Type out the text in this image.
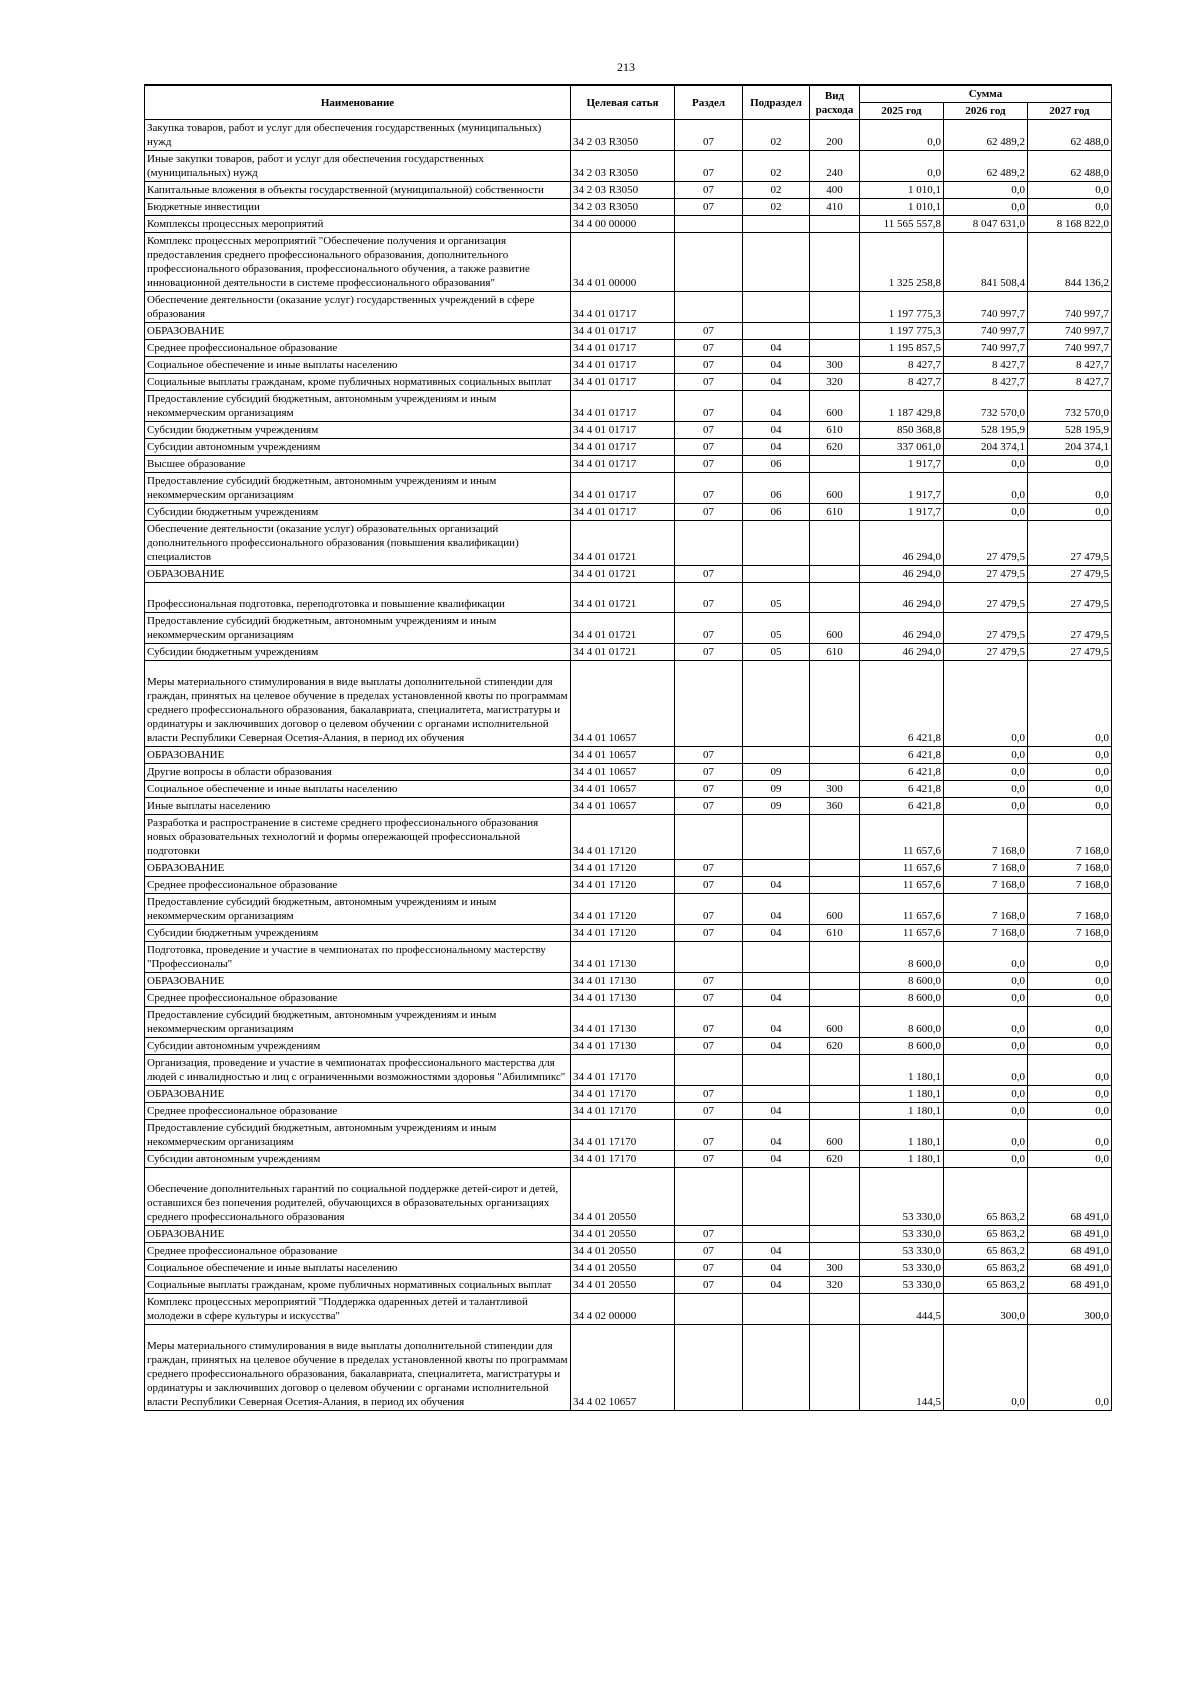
213
Наименование	Целевая сатья	Раздел	Подраздел	Вид расхода	Сумма		
					2025 год	2026 год	2027 год
Закупка товаров, работ и услуг для обеспечения государственных (муниципальных) нужд	34 2 03 R3050	07	02	200	0,0	62 489,2	62 488,0
Иные закупки товаров, работ и услуг для обеспечения государственных (муниципальных) нужд	34 2 03 R3050	07	02	240	0,0	62 489,2	62 488,0
Капитальные вложения в объекты государственной (муниципальной) собственности	34 2 03 R3050	07	02	400	1 010,1	0,0	0,0
Бюджетные инвестиции	34 2 03 R3050	07	02	410	1 010,1	0,0	0,0
Комплексы процессных мероприятий	34 4 00 00000				11 565 557,8	8 047 631,0	8 168 822,0
Комплекс процессных мероприятий "Обеспечение получения и организация предоставления среднего профессионального образования, дополнительного профессионального образования, профессионального обучения, а также развитие инновационной деятельности в системе профессионального образования"	34 4 01 00000				1 325 258,8	841 508,4	844 136,2
Обеспечение деятельности (оказание услуг) государственных учреждений в сфере образования	34 4 01 01717				1 197 775,3	740 997,7	740 997,7
ОБРАЗОВАНИЕ	34 4 01 01717	07			1 197 775,3	740 997,7	740 997,7
Среднее профессиональное образование	34 4 01 01717	07	04		1 195 857,5	740 997,7	740 997,7
Социальное обеспечение и иные выплаты населению	34 4 01 01717	07	04	300	8 427,7	8 427,7	8 427,7
Социальные выплаты гражданам, кроме публичных нормативных социальных выплат	34 4 01 01717	07	04	320	8 427,7	8 427,7	8 427,7
Предоставление субсидий бюджетным, автономным учреждениям и иным некоммерческим организациям	34 4 01 01717	07	04	600	1 187 429,8	732 570,0	732 570,0
Субсидии бюджетным учреждениям	34 4 01 01717	07	04	610	850 368,8	528 195,9	528 195,9
Субсидии автономным учреждениям	34 4 01 01717	07	04	620	337 061,0	204 374,1	204 374,1
Высшее образование	34 4 01 01717	07	06		1 917,7	0,0	0,0
Предоставление субсидий бюджетным, автономным учреждениям и иным некоммерческим организациям	34 4 01 01717	07	06	600	1 917,7	0,0	0,0
Субсидии бюджетным учреждениям	34 4 01 01717	07	06	610	1 917,7	0,0	0,0
Обеспечение деятельности (оказание услуг) образовательных организаций дополнительного профессионального образования (повышения квалификации) специалистов	34 4 01 01721				46 294,0	27 479,5	27 479,5
ОБРАЗОВАНИЕ	34 4 01 01721	07			46 294,0	27 479,5	27 479,5
Профессиональная подготовка, переподготовка и повышение квалификации	34 4 01 01721	07	05		46 294,0	27 479,5	27 479,5
Предоставление субсидий бюджетным, автономным учреждениям и иным некоммерческим организациям	34 4 01 01721	07	05	600	46 294,0	27 479,5	27 479,5
Субсидии бюджетным учреждениям	34 4 01 01721	07	05	610	46 294,0	27 479,5	27 479,5
Меры материального стимулирования в виде выплаты дополнительной стипендии для граждан, принятых на целевое обучение в пределах установленной квоты по программам среднего профессионального образования, бакалавриата, специалитета, магистратуры и ординатуры и заключивших договор о целевом обучении с органами исполнительной власти Республики Северная Осетия-Алания, в период их обучения	34 4 01 10657				6 421,8	0,0	0,0
ОБРАЗОВАНИЕ	34 4 01 10657	07			6 421,8	0,0	0,0
Другие вопросы в области образования	34 4 01 10657	07	09		6 421,8	0,0	0,0
Социальное обеспечение и иные выплаты населению	34 4 01 10657	07	09	300	6 421,8	0,0	0,0
Иные выплаты населению	34 4 01 10657	07	09	360	6 421,8	0,0	0,0
Разработка и распространение в системе среднего профессионального образования новых образовательных технологий и формы опережающей профессиональной подготовки	34 4 01 17120				11 657,6	7 168,0	7 168,0
ОБРАЗОВАНИЕ	34 4 01 17120	07			11 657,6	7 168,0	7 168,0
Среднее профессиональное образование	34 4 01 17120	07	04		11 657,6	7 168,0	7 168,0
Предоставление субсидий бюджетным, автономным учреждениям и иным некоммерческим организациям	34 4 01 17120	07	04	600	11 657,6	7 168,0	7 168,0
Субсидии бюджетным учреждениям	34 4 01 17120	07	04	610	11 657,6	7 168,0	7 168,0
Подготовка, проведение и участие в чемпионатах по профессиональному мастерству "Профессионалы"	34 4 01 17130				8 600,0	0,0	0,0
ОБРАЗОВАНИЕ	34 4 01 17130	07			8 600,0	0,0	0,0
Среднее профессиональное образование	34 4 01 17130	07	04		8 600,0	0,0	0,0
Предоставление субсидий бюджетным, автономным учреждениям и иным некоммерческим организациям	34 4 01 17130	07	04	600	8 600,0	0,0	0,0
Субсидии автономным учреждениям	34 4 01 17130	07	04	620	8 600,0	0,0	0,0
Организация, проведение и участие в чемпионатах профессионального мастерства для людей с инвалидностью и лиц с ограниченными возможностями здоровья "Абилимпикс"	34 4 01 17170				1 180,1	0,0	0,0
ОБРАЗОВАНИЕ	34 4 01 17170	07			1 180,1	0,0	0,0
Среднее профессиональное образование	34 4 01 17170	07	04		1 180,1	0,0	0,0
Предоставление субсидий бюджетным, автономным учреждениям и иным некоммерческим организациям	34 4 01 17170	07	04	600	1 180,1	0,0	0,0
Субсидии автономным учреждениям	34 4 01 17170	07	04	620	1 180,1	0,0	0,0
Обеспечение дополнительных гарантий по социальной поддержке детей-сирот и детей, оставшихся без попечения родителей, обучающихся в образовательных организациях среднего профессионального образования	34 4 01 20550				53 330,0	65 863,2	68 491,0
ОБРАЗОВАНИЕ	34 4 01 20550	07			53 330,0	65 863,2	68 491,0
Среднее профессиональное образование	34 4 01 20550	07	04		53 330,0	65 863,2	68 491,0
Социальное обеспечение и иные выплаты населению	34 4 01 20550	07	04	300	53 330,0	65 863,2	68 491,0
Социальные выплаты гражданам, кроме публичных нормативных социальных выплат	34 4 01 20550	07	04	320	53 330,0	65 863,2	68 491,0
Комплекс процессных мероприятий "Поддержка одаренных детей и талантливой молодежи в сфере культуры и искусства"	34 4 02 00000				444,5	300,0	300,0
Меры материального стимулирования в виде выплаты дополнительной стипендии для граждан, принятых на целевое обучение в пределах установленной квоты по программам среднего профессионального образования, бакалавриата, специалитета, магистратуры и ординатуры и заключивших договор о целевом обучении с органами исполнительной власти Республики Северная Осетия-Алания, в период их обучения	34 4 02 10657				144,5	0,0	0,0
